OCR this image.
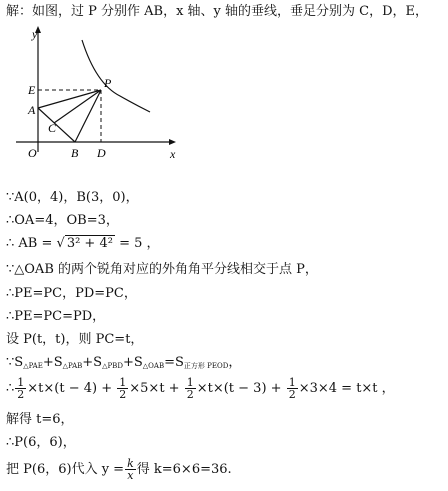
解：如图，过 P 分别作 AB，x 轴、y 轴的垂线，垂足分别为 C，D，E，
y
x
E
A
C
O	B D
P
∵A(0，4)，B(3，0)，
∴OA=4，OB=3，
∴ AB = √ 3² + 4² = 5 ，
∵△OAB 的两个锐角对应的外角角平分线相交于点 P，
∴PE=PC，PD=PC，
∴PE=PC=PD，
设 P(t，t)，则 PC=t，
$\because S_{\triangle PAE}+S_{\triangle PAB}+S_{\triangle PBD}+S_{\triangle OAB}=S_{正方形 PEOD}$，
∴ $\frac{1}{2} \times t\times(t - 4) + \frac{1}{2} \times 5\times t + \frac{1}{2} \times t\times(t - 3) + \frac{1}{2} \times 3\times 4 = t\times t$ ，
解得 t=6，
∴P(6，6)，
把 P(6，6)代入 $y = \frac{k}{x}$ 得 k=6×6=36.
